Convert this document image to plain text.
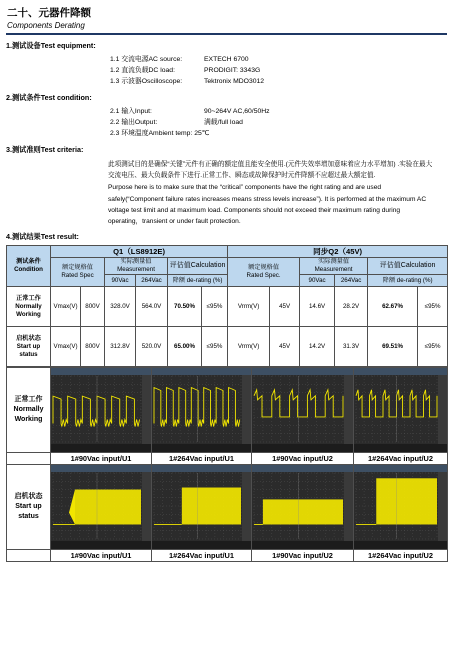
二十、元器件降额
Components Derating
1.测试设备Test equipment:
1.1 交流电源AC source:	EXTECH 6700
1.2 直流负载DC load:	PRODIGIT: 3343G
1.3 示波器Oscilloscope:	Tektronix MDO3012
2.测试条件Test condition:
2.1 输入Input:	90~264V AC,60/50Hz
2.2 输出Output:	满载/full load
2.3 环境温度Ambient temp: 25℃
3.测试准则Test criteria:

此项测试目的是确保“关键”元件有正确的额定值且能安全使用.(元件失效率增加意味着应力水平增加) .实验在最大交流电压、最大负载条件下进行.正常工作、瞬态或故障保护时元件降额不应超过最大额定值.

Purpose here is to make sure that the “critical” components have the right rating and are used safely(“Component failure rates increases means stress levels increase”). It is performed at the maximum AC voltage test limit and at maximum load. Components should not exceed their maximum rating during operating，transient or under fault protection.

4.测试结果Test result:
测试条件
Condition	Q1（LS8912E)						同步Q2（45V)					
	额定规格值
Rated Spec		实际测量值
Measurement		评估值Calculation		额定规格值
Rated Spec.		实际测量值
Measurement		评估值Calculation	
			90Vac	264Vac	降额 de-rating (%)				90Vac	264Vac	降额 de-rating (%)	
正常工作
Normally
Working	Vmax(V)	800V	328.0V	564.0V	70.50%	≤95%	Vrrm(V)	45V	14.6V	28.2V	62.67%	≤95%
启机状态
Start up
status	Vmax(V)	800V	312.8V	520.0V	65.00%	≤95%	Vrrm(V)	45V	14.2V	31.3V	69.51%	≤95%
正常工作
Normally
Working	

	1#90Vac input/U1	1#264Vac input/U1	1#90Vac input/U2	1#264Vac input/U2
启机状态
Start up
status	

	1#90Vac input/U1	1#264Vac input/U1	1#90Vac input/U2	1#264Vac input/U2
